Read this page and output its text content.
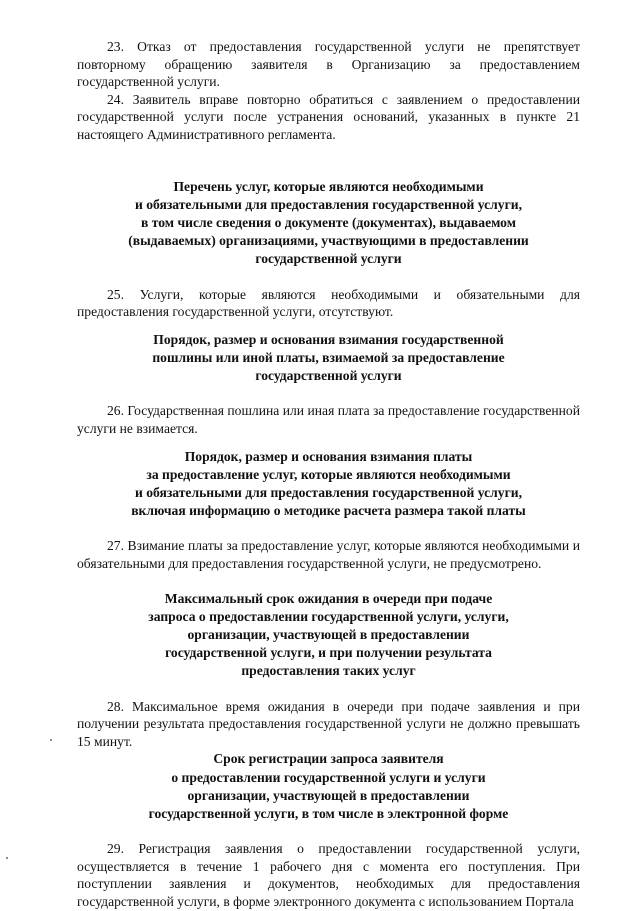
23. Отказ от предоставления государственной услуги не препятствует повторному обращению заявителя в Организацию за предоставлением государственной услуги.

24. Заявитель вправе повторно обратиться с заявлением о предоставлении государственной услуги после устранения оснований, указанных в пункте 21 настоящего Административного регламента.

Перечень услуг, которые являются необходимыми
и обязательными для предоставления государственной услуги,
в том числе сведения о документе (документах), выдаваемом
(выдаваемых) организациями, участвующими в предоставлении
государственной услуги

25. Услуги, которые являются необходимыми и обязательными для предоставления государственной услуги, отсутствуют.

Порядок, размер и основания взимания государственной
пошлины или иной платы, взимаемой за предоставление
государственной услуги

26. Государственная пошлина или иная плата за предоставление государственной услуги не взимается.

Порядок, размер и основания взимания платы
за предоставление услуг, которые являются необходимыми
и обязательными для предоставления государственной услуги,
включая информацию о методике расчета размера такой платы

27. Взимание платы за предоставление услуг, которые являются необходимыми и обязательными для предоставления государственной услуги, не предусмотрено.

Максимальный срок ожидания в очереди при подаче
запроса о предоставлении государственной услуги, услуги,
организации, участвующей в предоставлении
государственной услуги, и при получении результата
предоставления таких услуг

28. Максимальное время ожидания в очереди при подаче заявления и при получении результата предоставления государственной услуги не должно превышать 15 минут.

Срок регистрации запроса заявителя
о предоставлении государственной услуги и услуги
организации, участвующей в предоставлении
государственной услуги, в том числе в электронной форме

29. Регистрация заявления о предоставлении государственной услуги, осуществляется в течение 1 рабочего дня с момента его поступления. При поступлении заявления и документов, необходимых для предоставления государственной услуги, в форме электронного документа с использованием Портала
